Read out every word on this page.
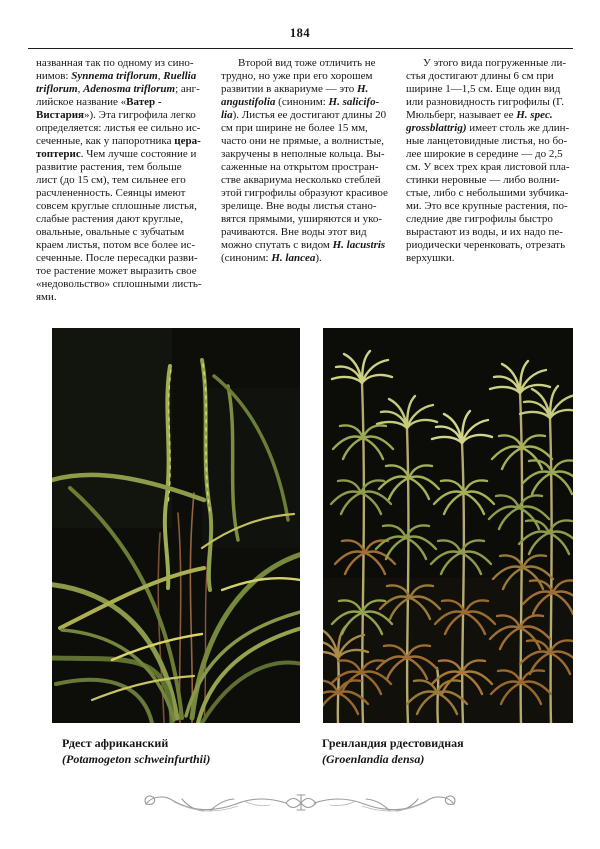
184
названная так по одному из сино-
нимов: Synnema triflorum, Ruellia
triflorum, Adenosma triflorum; анг-
лийское название «Ватер -
Вистария»). Эта гигрофила легко
определяется: листья ее сильно ис-
сеченные, как у папоротника цера-
топтерис. Чем лучше состояние и
развитие растения, тем больше
лист (до 15 см), тем сильнее его
расчлененность. Сеянцы имеют
совсем круглые сплошные листья,
слабые растения дают круглые,
овальные, овальные с зубчатым
краем листья, потом все более ис-
сеченные. После пересадки разви-
тое растение может выразить свое
«недовольство» сплошными листь-
ями.
Второй вид тоже отличить не
трудно, но уже при его хорошем
развитии в аквариуме — это H.
angustifolia (синоним: H. salicifo-
lia). Листья ее достигают длины 20
см при ширине не более 15 мм,
часто они не прямые, а волнистые,
закручены в неполные кольца. Вы-
саженные на открытом простран-
стве аквариума несколько стеблей
этой гигрофилы образуют красивое
зрелище. Вне воды листья стано-
вятся прямыми, уширяются и уко-
рачиваются. Вне воды этот вид
можно спутать с видом H. lacustris
(синоним: H. lancea).
У этого вида погруженные ли-
стья достигают длины 6 см при
ширине 1—1,5 см. Еще один вид
или разновидность гигрофилы (Г.
Мюльберг, называет ее H. spec.
grossblattrig) имеет столь же длин-
ные ланцетовидные листья, но бо-
лее широкие в середине — до 2,5
см. У всех трех края листовой пла-
стинки неровные — либо волни-
стые, либо с небольшими зубчика-
ми. Это все крупные растения, по-
следние две гигрофилы быстро
вырастают из воды, и их надо пе-
риодически черенковать, отрезать
верхушки.
Рдест африканский
(Potamogeton schweinfurthii)
Гренландия рдестовидная
(Groenlandia densa)
